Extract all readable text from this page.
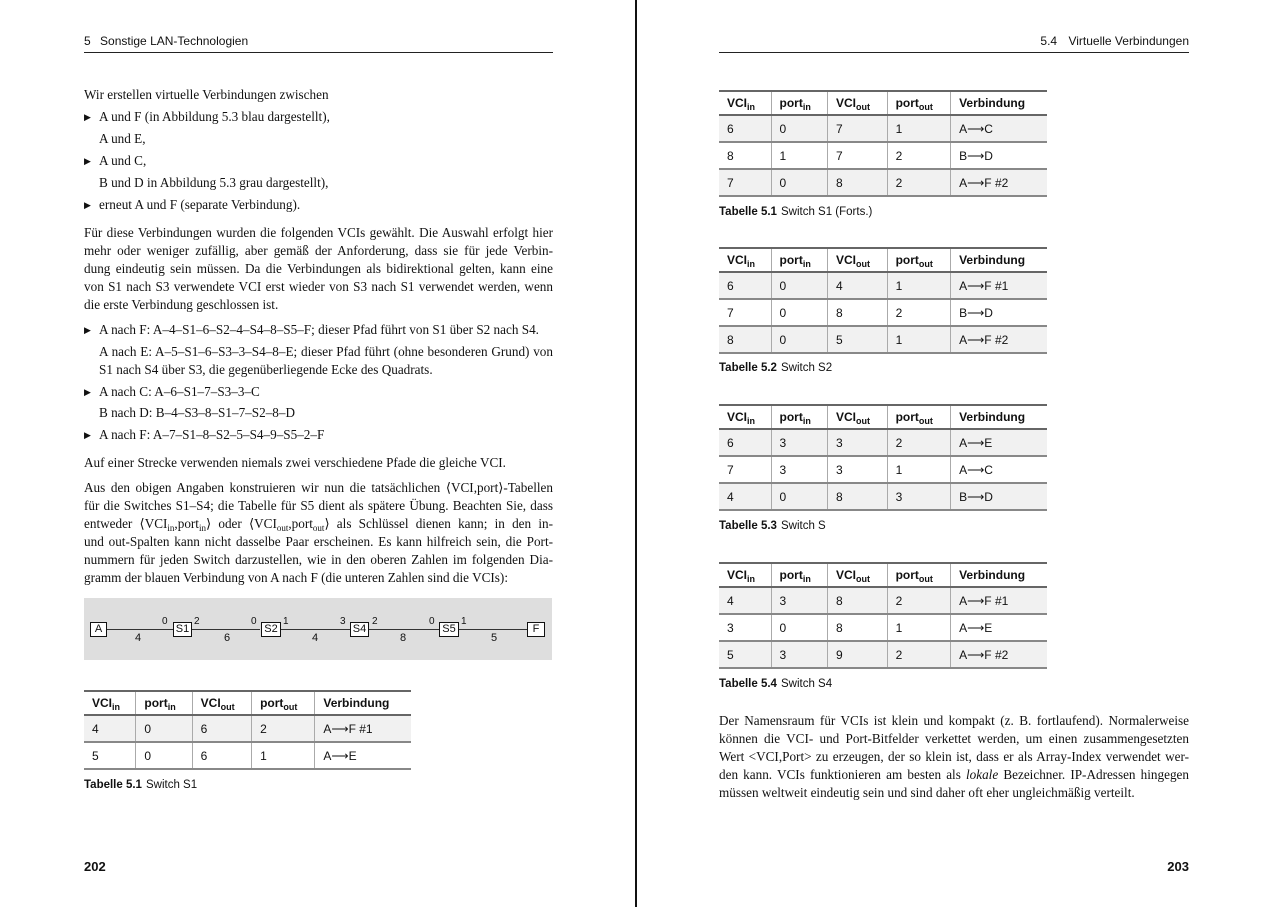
5 Sonstige LAN-Technologien
Wir erstellen virtuelle Verbindungen zwischen
▶ A und F (in Abbildung 5.3 blau dargestellt),
A und E,
▶ A und C,
B und D in Abbildung 5.3 grau dargestellt),
▶ erneut A und F (separate Verbindung).
Für diese Verbindungen wurden die folgenden VCIs gewählt. Die Auswahl erfolgt hier
mehr oder weniger zufällig, aber gemäß der Anforderung, dass sie für jede Verbin-
dung eindeutig sein müssen. Da die Verbindungen als bidirektional gelten, kann eine
von S1 nach S3 verwendete VCI erst wieder von S3 nach S1 verwendet werden, wenn
die erste Verbindung geschlossen ist.
▶ A nach F: A–4–S1–6–S2–4–S4–8–S5–F; dieser Pfad führt von S1 über S2 nach S4.
A nach E: A–5–S1–6–S3–3–S4–8–E; dieser Pfad führt (ohne besonderen Grund) von
S1 nach S4 über S3, die gegenüberliegende Ecke des Quadrats.
▶ A nach C: A–6–S1–7–S3–3–C
B nach D: B–4–S3–8–S1–7–S2–8–D
▶ A nach F: A–7–S1–8–S2–5–S4–9–S5–2–F
Auf einer Strecke verwenden niemals zwei verschiedene Pfade die gleiche VCI.
Aus den obigen Angaben konstruieren wir nun die tatsächlichen ⟨VCI,port⟩-Tabellen
für die Switches S1–S4; die Tabelle für S5 dient als spätere Übung. Beachten Sie, dass
entweder $⟨VCI_{in},port_{in}⟩$ oder $⟨VCI_{out},port_{out}⟩$ als Schlüssel dienen kann; in den in-
und out-Spalten kann nicht dasselbe Paar erscheinen. Es kann hilfreich sein, die Port-
nummern für jeden Switch darzustellen, wie in den oberen Zahlen im folgenden Dia-
gramm der blauen Verbindung von A nach F (die unteren Zahlen sind die VCIs):
A	S1	S2	S4	S5	F
0	2	0	1	3	2	0	1
4	6	4	8	5
$VCI_{in}$	port$_{in}$	$VCI_{out}$	port$_{out}$	Verbindung
4	0	6	2	A⟶F #1
5	0	6	1	A⟶E
Tabelle 5.1 Switch S1
202
5.4 Virtuelle Verbindungen
$VCI_{in}$	port$_{in}$	$VCI_{out}$	port$_{out}$	Verbindung
6	0	7	1	A⟶C
8	1	7	2	B⟶D
7	0	8	2	A⟶F #2
Tabelle 5.1 Switch S1 (Forts.)
$VCI_{in}$	port$_{in}$	$VCI_{out}$	port$_{out}$	Verbindung
6	0	4	1	A⟶F #1
7	0	8	2	B⟶D
8	0	5	1	A⟶F #2
Tabelle 5.2 Switch S2
$VCI_{in}$	port$_{in}$	$VCI_{out}$	port$_{out}$	Verbindung
6	3	3	2	A⟶E
7	3	3	1	A⟶C
4	0	8	3	B⟶D
Tabelle 5.3 Switch S
$VCI_{in}$	port$_{in}$	$VCI_{out}$	port$_{out}$	Verbindung
4	3	8	2	A⟶F #1
3	0	8	1	A⟶E
5	3	9	2	A⟶F #2
Tabelle 5.4 Switch S4
Der Namensraum für VCIs ist klein und kompakt (z. B. fortlaufend). Normalerweise
können die VCI- und Port-Bitfelder verkettet werden, um einen zusammengesetzten
Wert <VCI,Port> zu erzeugen, der so klein ist, dass er als Array-Index verwendet wer-
den kann. VCIs funktionieren am besten als lokale Bezeichner. IP-Adressen hingegen
müssen weltweit eindeutig sein und sind daher oft eher ungleichmäßig verteilt.
203
